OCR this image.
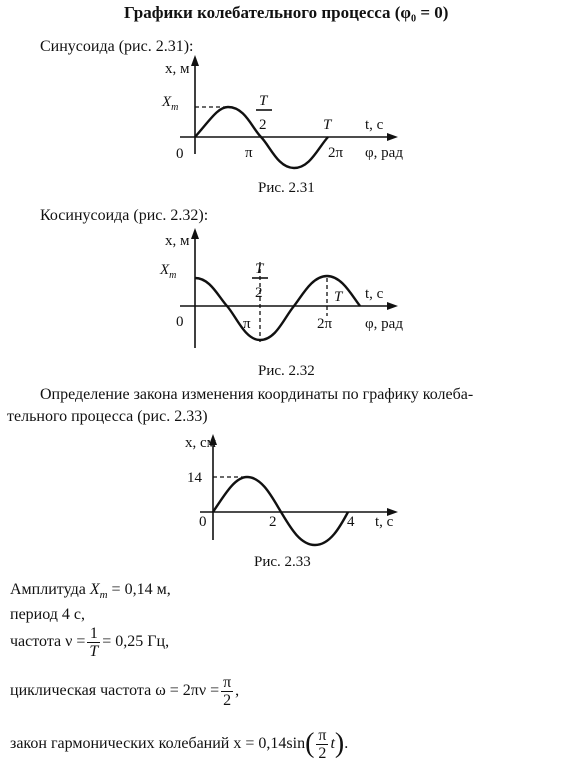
Графики колебательного процесса (φ₀ = 0)
Синусоида (рис. 2.31):
Косинусоида (рис. 2.32):
Определение закона изменения координаты по графику колеба-
тельного процесса (рис. 2.33)
$X_m$
x, м
0
T
2	T t, с
π	2π φ, рад
Рис. 2.31
$X_m$
x, м
0
T
2	T t, с
π	2π φ, рад
Рис. 2.32
14
x, см
0	2	4 t, с
Рис. 2.33
Амплитуда $X_m = 0,14$ м,
период 4 с,
частота $\nu = \frac{1}{T} = 0,25$ Гц,
циклическая частота $\omega = 2\pi\nu = \frac{\pi}{2}$ ,
закон гармонических колебаний x = 0,14sin ( $\frac{\pi}{2}$ t ) .
